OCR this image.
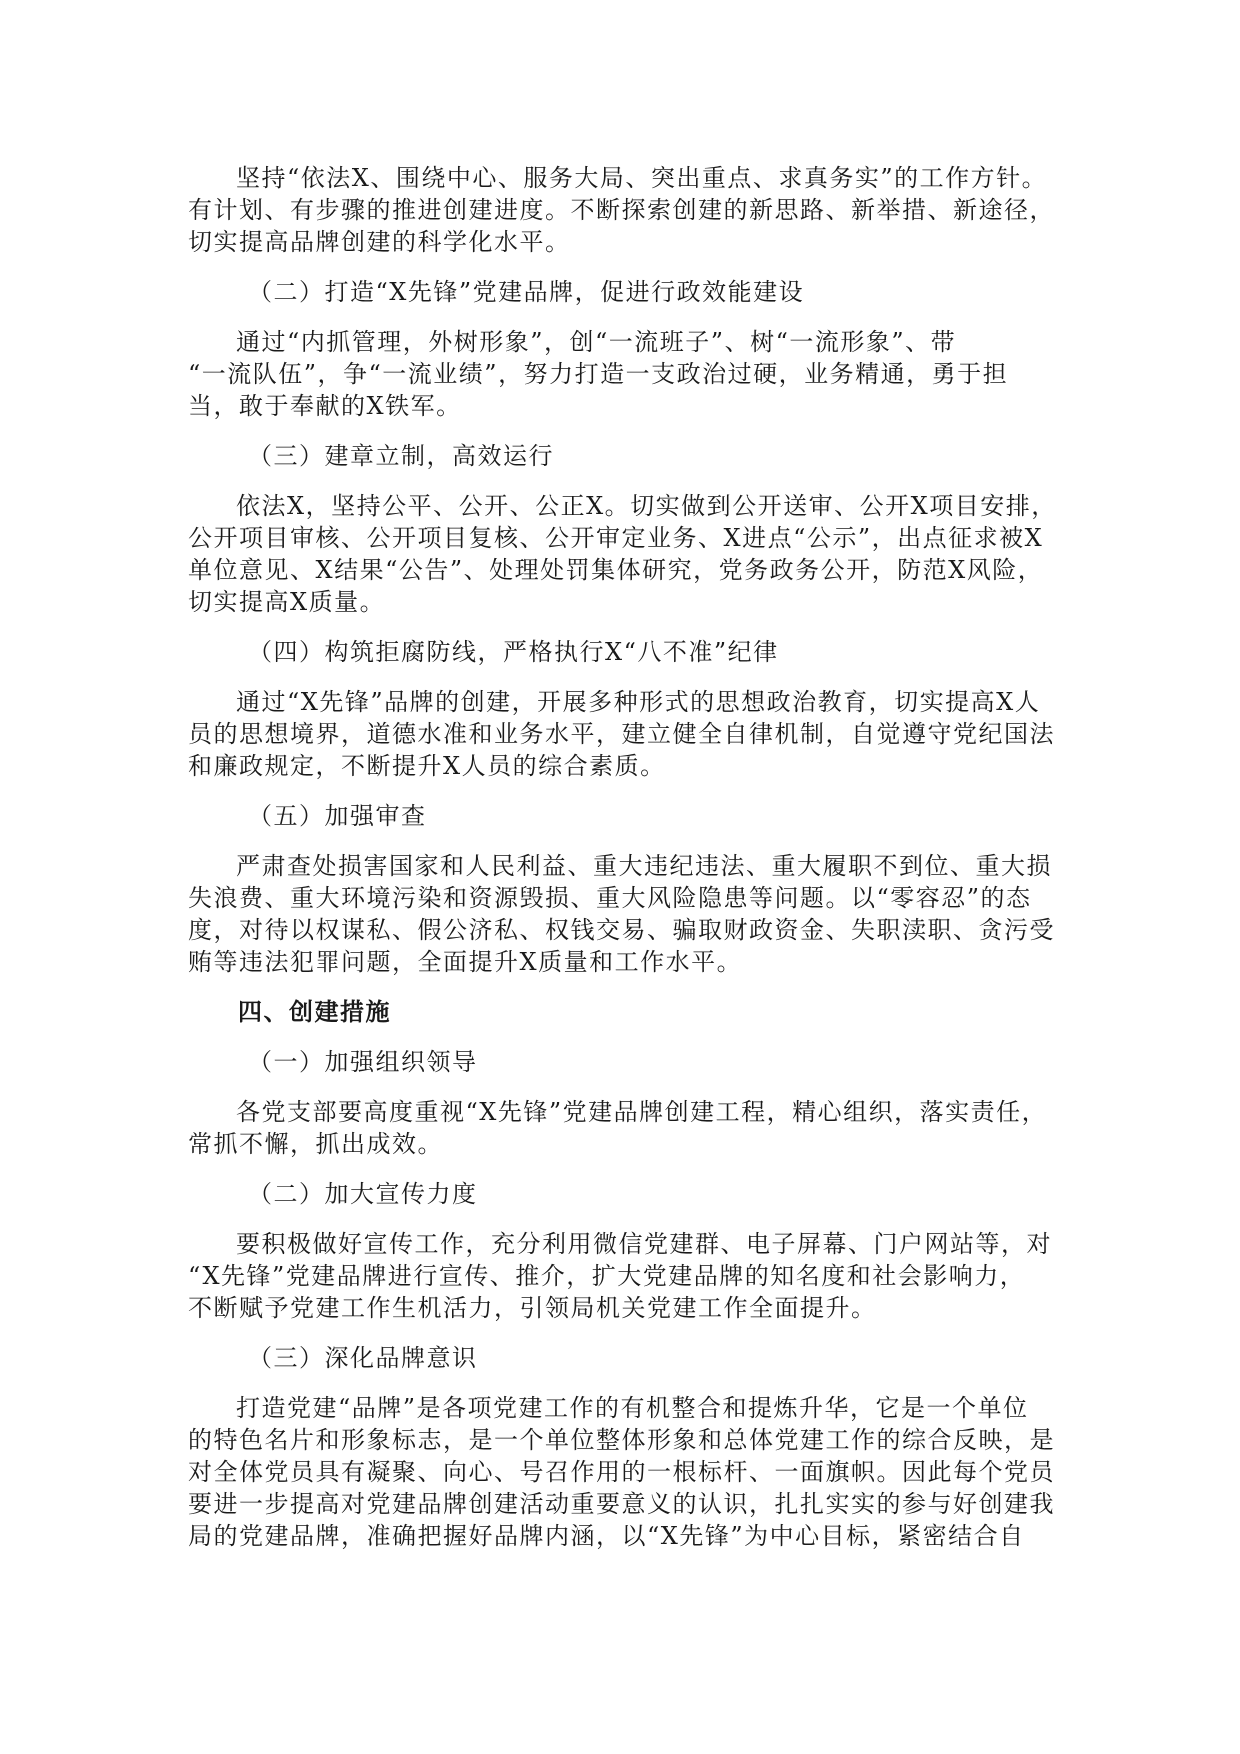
坚持“依法X、围绕中心、服务大局、突出重点、求真务实”的工作方针。
有计划、有步骤的推进创建进度。不断探索创建的新思路、新举措、新途径，
切实提高品牌创建的科学化水平。
（二）打造“X先锋”党建品牌，促进行政效能建设
通过“内抓管理，外树形象”，创“一流班子”、树“一流形象”、带
“一流队伍”，争“一流业绩”，努力打造一支政治过硬，业务精通，勇于担
当，敢于奉献的X铁军。
（三）建章立制，高效运行
依法X，坚持公平、公开、公正X。切实做到公开送审、公开X项目安排，
公开项目审核、公开项目复核、公开审定业务、X进点“公示”，出点征求被X
单位意见、X结果“公告”、处理处罚集体研究，党务政务公开，防范X风险，
切实提高X质量。
（四）构筑拒腐防线，严格执行X“八不准”纪律
通过“X先锋”品牌的创建，开展多种形式的思想政治教育，切实提高X人
员的思想境界，道德水准和业务水平，建立健全自律机制，自觉遵守党纪国法
和廉政规定，不断提升X人员的综合素质。
（五）加强审查
严肃查处损害国家和人民利益、重大违纪违法、重大履职不到位、重大损
失浪费、重大环境污染和资源毁损、重大风险隐患等问题。以“零容忍”的态
度，对待以权谋私、假公济私、权钱交易、骗取财政资金、失职渎职、贪污受
贿等违法犯罪问题，全面提升X质量和工作水平。
四、创建措施
（一）加强组织领导
各党支部要高度重视“X先锋”党建品牌创建工程，精心组织，落实责任，
常抓不懈，抓出成效。
（二）加大宣传力度
要积极做好宣传工作，充分利用微信党建群、电子屏幕、门户网站等，对
“X先锋”党建品牌进行宣传、推介，扩大党建品牌的知名度和社会影响力，
不断赋予党建工作生机活力，引领局机关党建工作全面提升。
（三）深化品牌意识
打造党建“品牌”是各项党建工作的有机整合和提炼升华，它是一个单位
的特色名片和形象标志，是一个单位整体形象和总体党建工作的综合反映，是
对全体党员具有凝聚、向心、号召作用的一根标杆、一面旗帜。因此每个党员
要进一步提高对党建品牌创建活动重要意义的认识，扎扎实实的参与好创建我
局的党建品牌，准确把握好品牌内涵，以“X先锋”为中心目标，紧密结合自
